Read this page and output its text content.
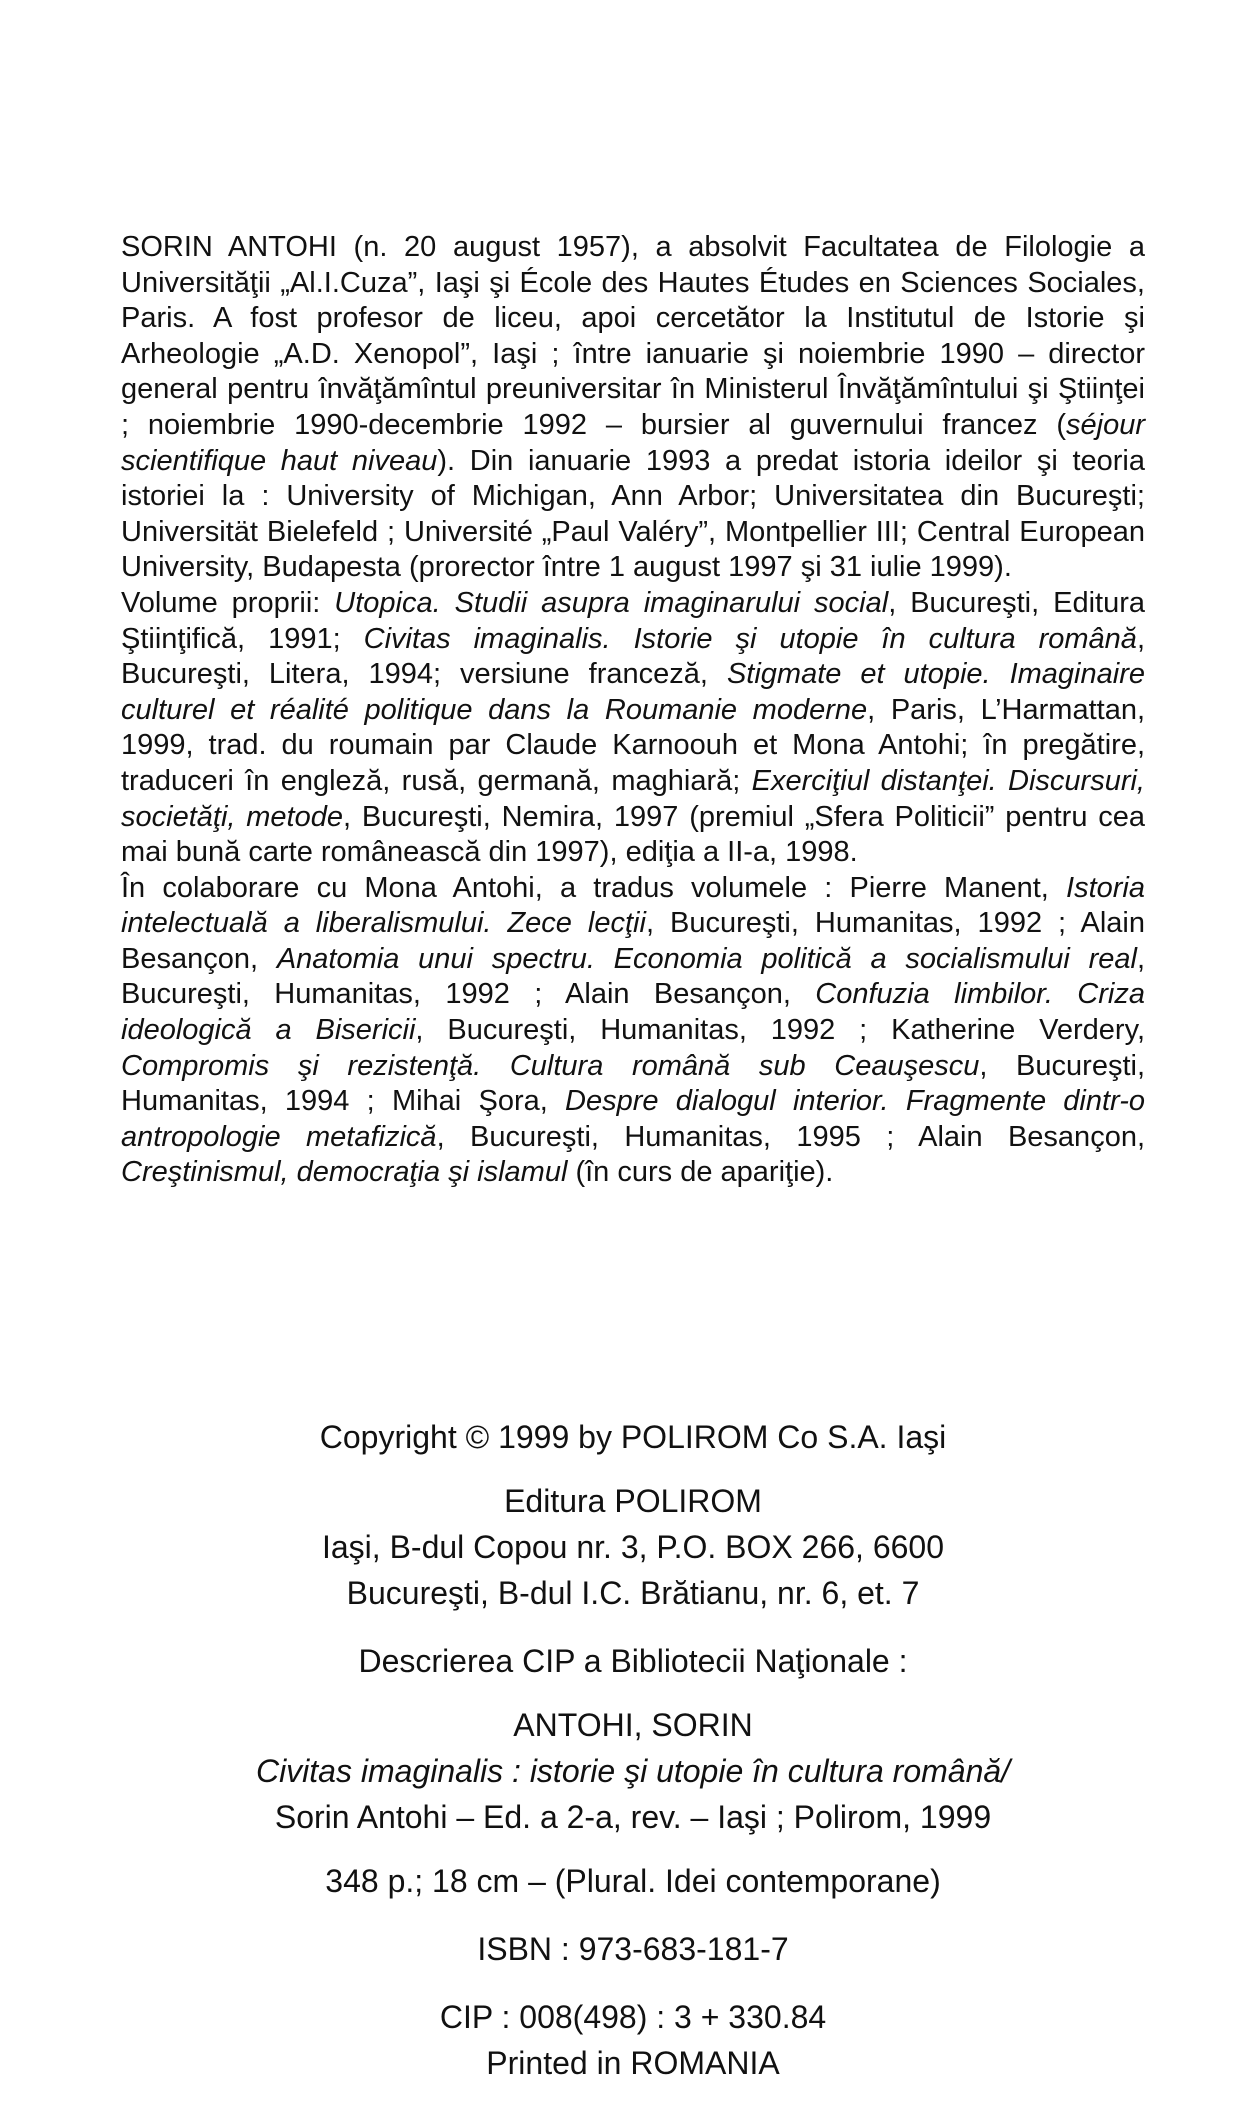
SORIN ANTOHI (n. 20 august 1957), a absolvit Facultatea de Filologie a Universităţii „Al.I.Cuza”, Iaşi şi École des Hautes Études en Sciences Sociales, Paris. A fost profesor de liceu, apoi cercetător la Institutul de Istorie şi Arheologie „A.D. Xenopol”, Iaşi ; între ianuarie şi noiembrie 1990 – director general pentru învăţămîntul preuniversitar în Ministerul Învăţămîntului şi Ştiinţei ; noiembrie 1990-decembrie 1992 – bursier al guvernului francez (séjour scientifique haut niveau). Din ianuarie 1993 a predat istoria ideilor şi teoria istoriei la : University of Michigan, Ann Arbor; Universitatea din Bucureşti; Universität Bielefeld ; Université „Paul Valéry”, Montpellier III; Central European University, Budapesta (prorector între 1 august 1997 şi 31 iulie 1999).

Volume proprii: Utopica. Studii asupra imaginarului social, Bucureşti, Editura Ştiinţifică, 1991; Civitas imaginalis. Istorie şi utopie în cultura română, Bucureşti, Litera, 1994; versiune franceză, Stigmate et utopie. Imaginaire culturel et réalité politique dans la Roumanie moderne, Paris, L’Harmattan, 1999, trad. du roumain par Claude Karnoouh et Mona Antohi; în pregătire, traduceri în engleză, rusă, germană, maghiară; Exerciţiul distanţei. Discursuri, societăţi, metode, Bucureşti, Nemira, 1997 (premiul „Sfera Politicii” pentru cea mai bună carte românească din 1997), ediţia a II-a, 1998.

În colaborare cu Mona Antohi, a tradus volumele : Pierre Manent, Istoria intelectuală a liberalismului. Zece lecţii, Bucureşti, Humanitas, 1992 ; Alain Besançon, Anatomia unui spectru. Economia politică a socialismului real, Bucureşti, Humanitas, 1992 ; Alain Besançon, Confuzia limbilor. Criza ideologică a Bisericii, Bucureşti, Humanitas, 1992 ; Katherine Verdery, Compromis şi rezistenţă. Cultura română sub Ceauşescu, Bucureşti, Humanitas, 1994 ; Mihai Şora, Despre dialogul interior. Fragmente dintr-o antropologie metafizică, Bucureşti, Humanitas, 1995 ; Alain Besançon, Creştinismul, democraţia şi islamul (în curs de apariţie).

Copyright © 1999 by POLIROM Co S.A. Iaşi
Editura POLIROM
Iaşi, B-dul Copou nr. 3, P.O. BOX 266, 6600
Bucureşti, B-dul I.C. Brătianu, nr. 6, et. 7
Descrierea CIP a Bibliotecii Naţionale :
ANTOHI, SORIN
Civitas imaginalis : istorie şi utopie în cultura română/
Sorin Antohi – Ed. a 2-a, rev. – Iaşi ; Polirom, 1999
348 p.; 18 cm – (Plural. Idei contemporane)
ISBN : 973-683-181-7
CIP : 008(498) : 3 + 330.84
Printed in ROMANIA
